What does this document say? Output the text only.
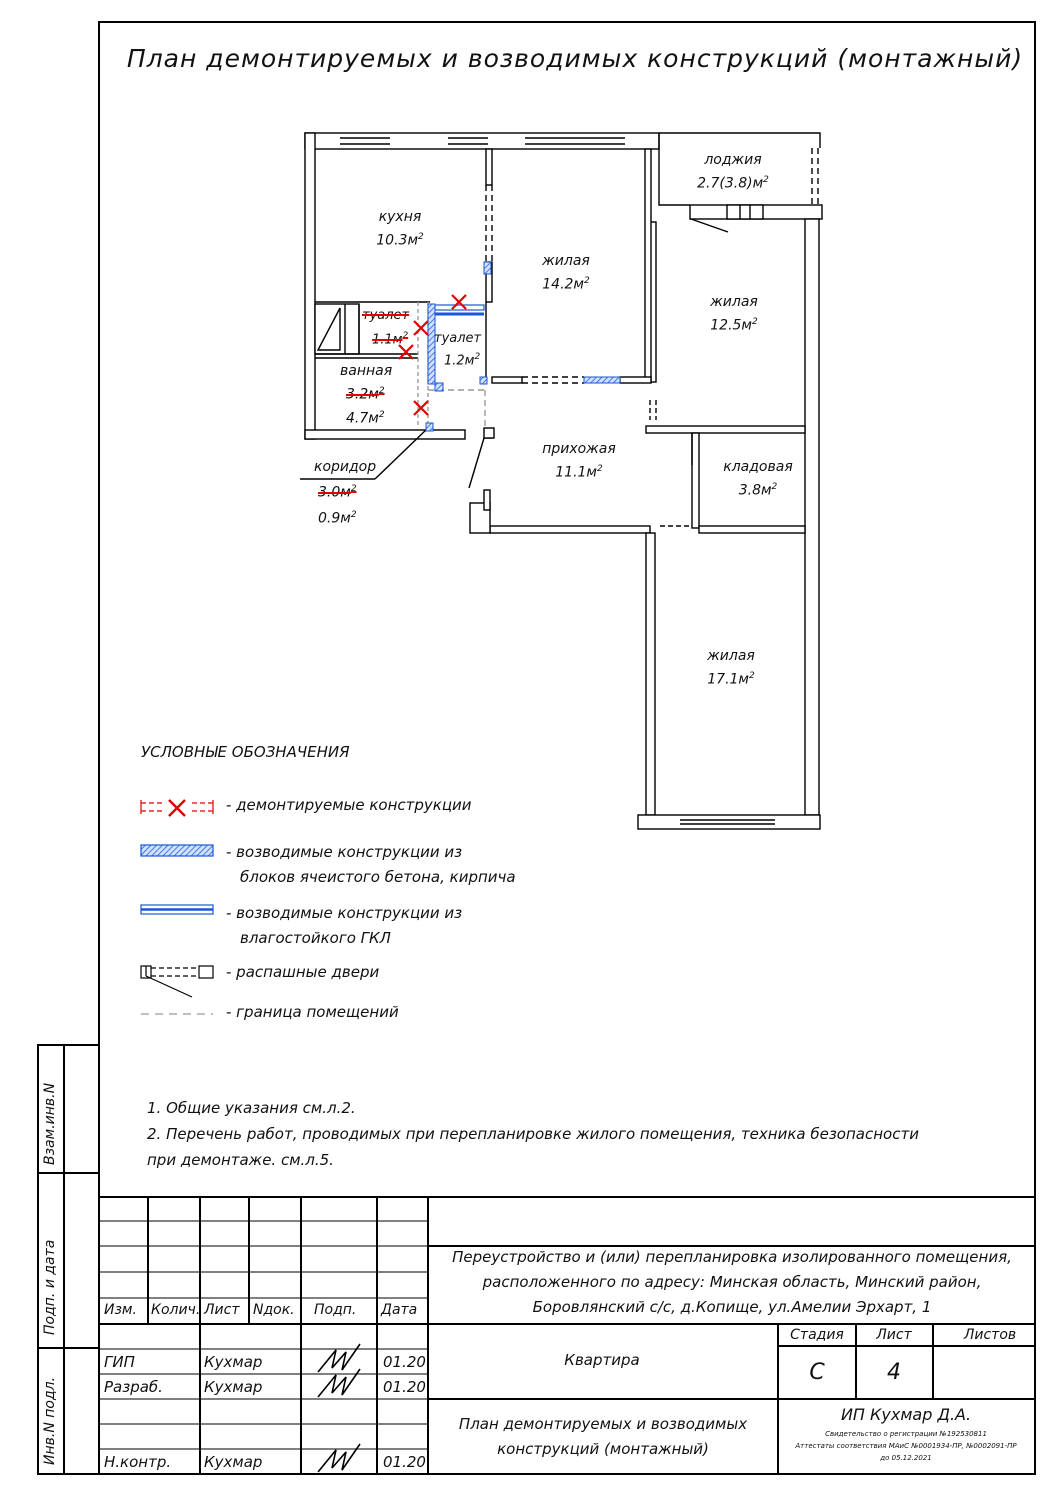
План демонтируемых и возводимых конструкций (монтажный)
кухня
$10.3м^2$
жилая
$14.2м^2$
лоджия
$2.7(3.8)м^2$
жилая
$12.5м^2$
туалет
$1.1м^2$ туалет
$1.2м^2$
ванная
$3.2м^2$
$4.7м^2$
прихожая
$11.1м^2$	кладовая
$3.8м^2$
коридор
$3.0м^2$
$0.9м^2$
жилая
$17.1м^2$
УСЛОВНЫЕ ОБОЗНАЧЕНИЯ
- демонтируемые конструкции
- возводимые конструкции из
блоков ячеистого бетона, кирпича
- возводимые конструкции из
влагостойкого ГКЛ
- распашные двери
- граница помещений
1. Общие указания см.л.2.
2. Перечень работ, проводимых при перепланировке жилого помещения, техника безопасности
при демонтаже. см.л.5.
Взам.инв.N
Подп. и дата
Инв.N подл.
Изм. Колич. Лист Nдок. Подп. Дата
ГИП	Кухмар	01.20
Разраб.	Кухмар	01.20
Н.контр. Кухмар	01.20
Переустройство и (или) перепланировка изолированного помещения,
расположенного по адресу: Минская область, Минский район,
Боровлянский с/с, д.Копище, ул.Амелии Эрхарт, 1
Квартира
Стадия Лист	Листов
С	4
План демонтируемых и возводимых
конструкций (монтажный)
ИП Кухмар Д.А.
Свидетельство о регистрации №192530811
Аттестаты соответствия МАиС №0001934-ПР, №0002091-ПР
до 05.12.2021
